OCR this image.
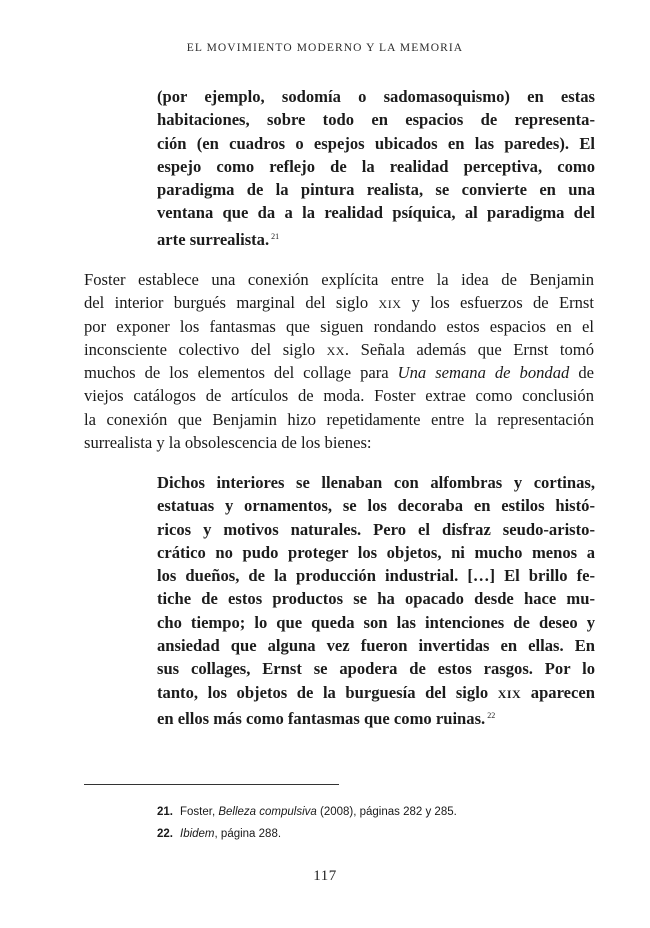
EL MOVIMIENTO MODERNO Y LA MEMORIA
(por ejemplo, sodomía o sadomasoquismo) en estas
habitaciones, sobre todo en espacios de representa-
ción (en cuadros o espejos ubicados en las paredes). El
espejo como reflejo de la realidad perceptiva, como
paradigma de la pintura realista, se convierte en una
ventana que da a la realidad psíquica, al paradigma del
arte surrealista. $^{21}$
Foster establece una conexión explícita entre la idea de Benjamin
del interior burgués marginal del siglo xix y los esfuerzos de Ernst
por exponer los fantasmas que siguen rondando estos espacios en el
inconsciente colectivo del siglo xx. Señala además que Ernst tomó
muchos de los elementos del collage para Una semana de bondad de
viejos catálogos de artículos de moda. Foster extrae como conclusión
la conexión que Benjamin hizo repetidamente entre la representación
surrealista y la obsolescencia de los bienes:
Dichos interiores se llenaban con alfombras y cortinas,
estatuas y ornamentos, se los decoraba en estilos histó-
ricos y motivos naturales. Pero el disfraz seudo-aristo-
crático no pudo proteger los objetos, ni mucho menos a
los dueños, de la producción industrial. […] El brillo fe-
tiche de estos productos se ha opacado desde hace mu-
cho tiempo; lo que queda son las intenciones de deseo y
ansiedad que alguna vez fueron invertidas en ellas. En
sus collages, Ernst se apodera de estos rasgos. Por lo
tanto, los objetos de la burguesía del siglo xix aparecen
en ellos más como fantasmas que como ruinas. $^{22}$
21. Foster, Belleza compulsiva (2008), páginas 282 y 285.
22. Ibidem, página 288.
117
